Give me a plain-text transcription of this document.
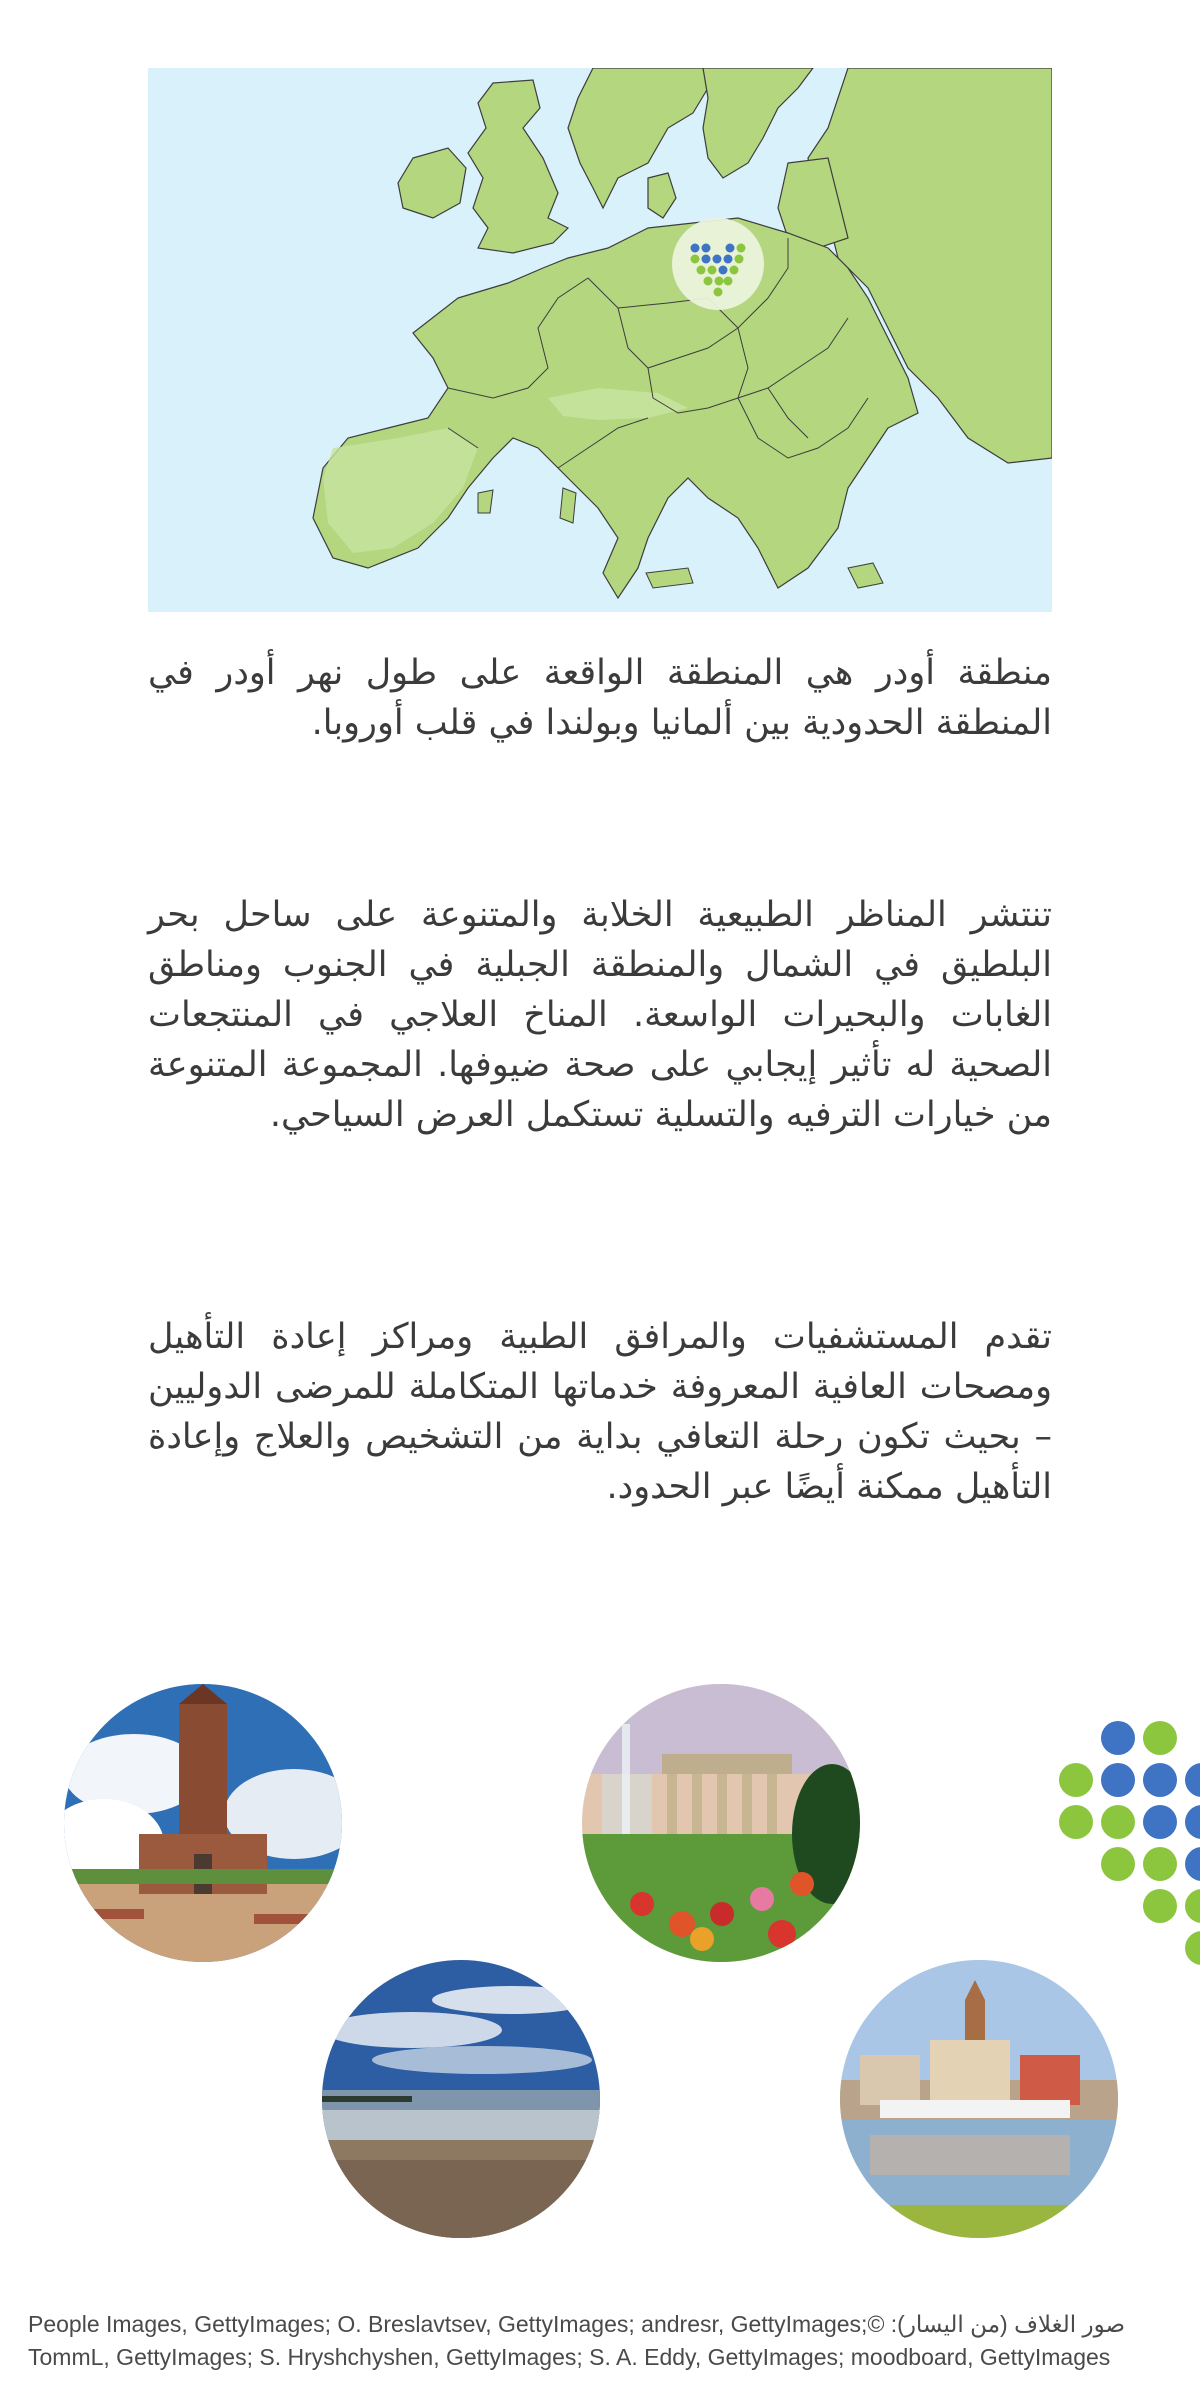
منطقة أودر هي المنطقة الواقعة على طول نهر أودر في المنطقة الحدودية بين ألمانيا وبولندا في قلب أوروبا.

تنتشر المناظر الطبيعية الخلابة والمتنوعة على ساحل بحر البلطيق في الشمال والمنطقة الجبلية في الجنوب ومناطق الغابات والبحيرات الواسعة. المناخ العلاجي في المنتجعات الصحية له تأثير إيجابي على صحة ضيوفها. المجموعة المتنوعة من خيارات الترفيه والتسلية تستكمل العرض السياحي.

تقدم المستشفيات والمرافق الطبية ومراكز إعادة التأهيل ومصحات العافية المعروفة خدماتها المتكاملة للمرضى الدوليين – بحيث تكون رحلة التعافي بداية من التشخيص والعلاج وإعادة التأهيل ممكنة أيضًا عبر الحدود.

People Images, GettyImages; O. Breslavtsev, GettyImages; andresr, GettyImages;صور الغلاف (من اليسار): ©
TommL, GettyImages; S. Hryshchyshen, GettyImages; S. A. Eddy, GettyImages; moodboard, GettyImages
